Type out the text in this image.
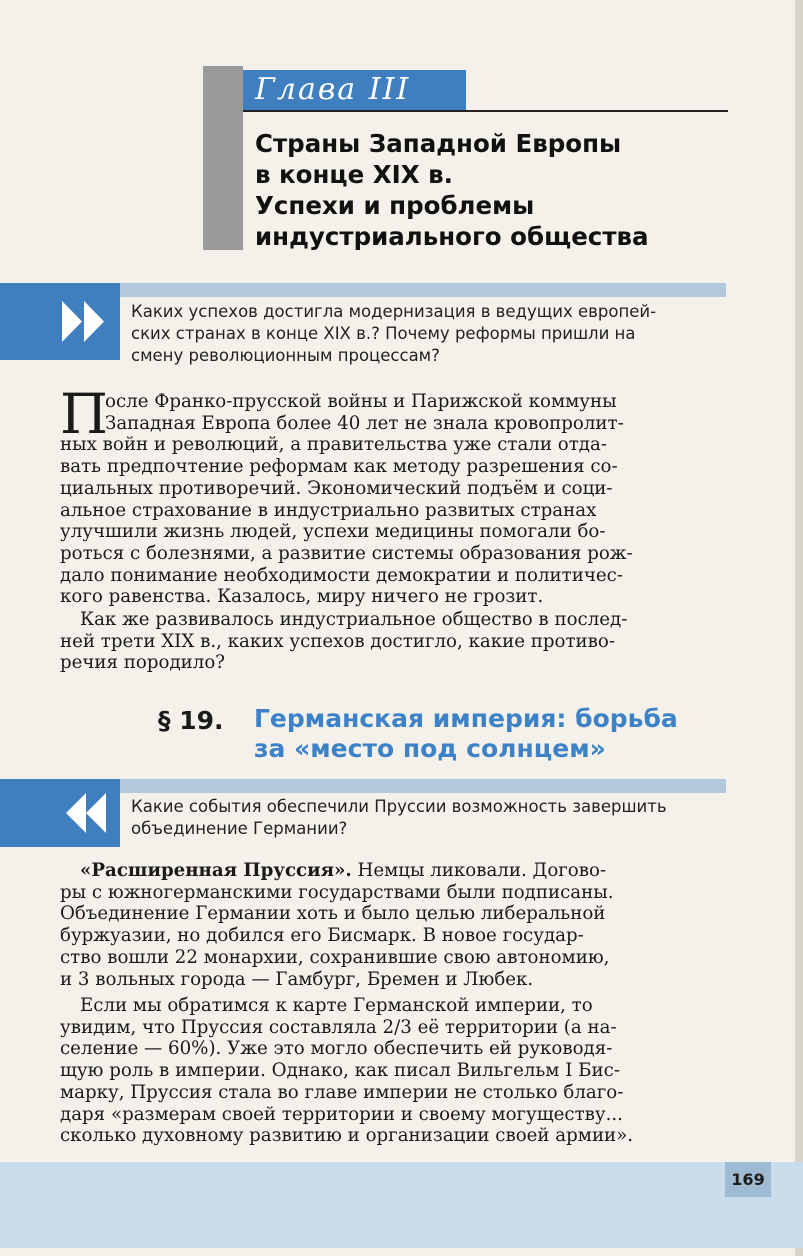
Глава III
Страны Западной Европы
в конце XIX в.
Успехи и проблемы
индустриального общества
Каких успехов достигла модернизация в ведущих европей-
ских странах в конце XIX в.? Почему реформы пришли на
смену революционным процессам?
П
осле Франко-прусской войны и Парижской коммуны
Западная Европа более 40 лет не знала кровопролит-
ных войн и революций, а правительства уже стали отда-
вать предпочтение реформам как методу разрешения со-
циальных противоречий. Экономический подъём и соци-
альное страхование в индустриально развитых странах
улучшили жизнь людей, успехи медицины помогали бо-
роться с болезнями, а развитие системы образования рож-
дало понимание необходимости демократии и политичес-
кого равенства. Казалось, миру ничего не грозит.
Как же развивалось индустриальное общество в послед-
ней трети XIX в., каких успехов достигло, какие противо-
речия породило?
§ 19. Германская империя: борьба
за «место под солнцем»
Какие события обеспечили Пруссии возможность завершить
объединение Германии?
«Расширенная Пруссия». Немцы ликовали. Догово-
ры с южногерманскими государствами были подписаны.
Объединение Германии хоть и было целью либеральной
буржуазии, но добился его Бисмарк. В новое государ-
ство вошли 22 монархии, сохранившие свою автономию,
и 3 вольных города — Гамбург, Бремен и Любек.
Если мы обратимся к карте Германской империи, то
увидим, что Пруссия составляла 2/3 её территории (а на-
селение — 60%). Уже это могло обеспечить ей руководя-
щую роль в империи. Однако, как писал Вильгельм I Бис-
марку, Пруссия стала во главе империи не столько благо-
даря «размерам своей территории и своему могуществу...
сколько духовному развитию и организации своей армии».
169
